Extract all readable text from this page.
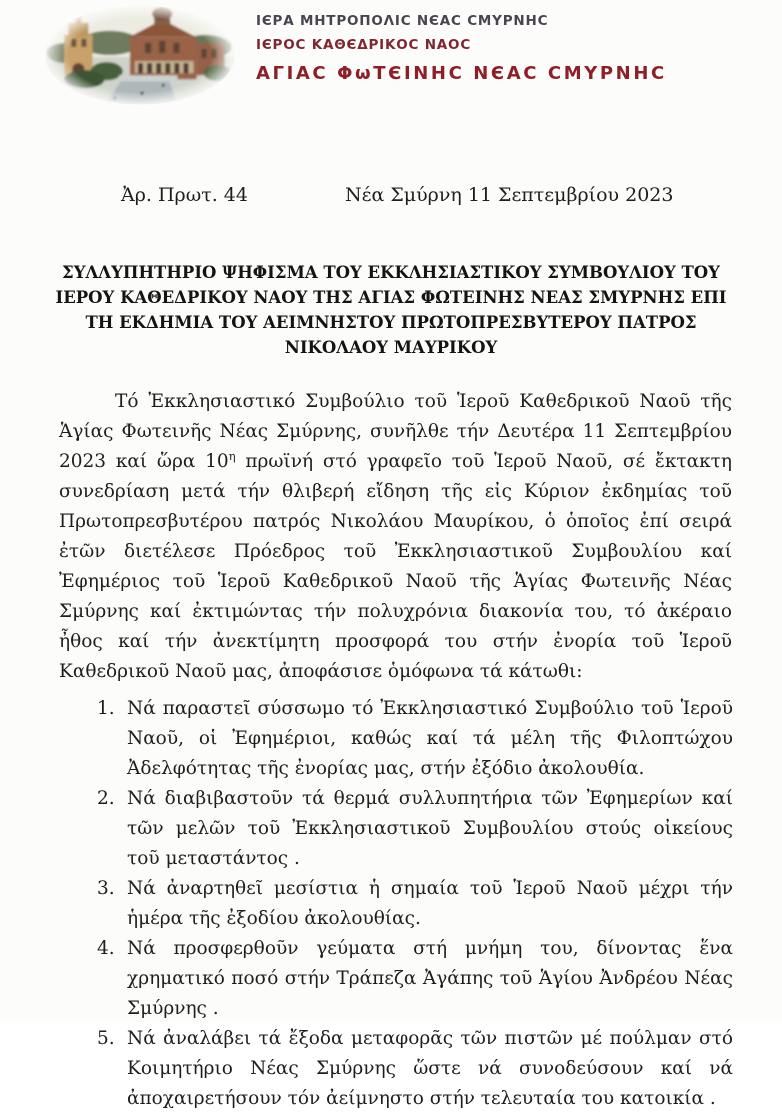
ΙЄΡΑ ΜΗΤΡΟΠΟΛΙϹ ΝЄΑϹ ϹΜΥΡΝΗϹ
ΙЄΡΟϹ ΚΑΘЄΔΡΙΚΟϹ ΝΑΟϹ
ΑΓΙΑϹ ΦωΤЄΙΝΗϹ ΝЄΑϹ ϹΜΥΡΝΗϹ
Ἀρ. Πρωτ. 44	Νέα Σμύρνη 11 Σεπτεμβρίου 2023
ΣΥΛΛΥΠΗΤΗΡΙΟ ΨΗΦΙΣΜΑ ΤΟΥ ΕΚΚΛΗΣΙΑΣΤΙΚΟΥ ΣΥΜΒΟΥΛΙΟΥ ΤΟΥ ΙΕΡΟΥ ΚΑΘΕΔΡΙΚΟΥ ΝΑΟΥ ΤΗΣ ΑΓΙΑΣ ΦΩΤΕΙΝΗΣ ΝΕΑΣ ΣΜΥΡΝΗΣ ΕΠΙ ΤΗ ΕΚΔΗΜΙΑ ΤΟΥ ΑΕΙΜΝΗΣΤΟΥ ΠΡΩΤΟΠΡΕΣΒΥΤΕΡΟΥ ΠΑΤΡΟΣ ΝΙΚΟΛΑΟΥ ΜΑΥΡΙΚΟΥ

Τό Ἐκκλησιαστικό Συμβούλιο τοῦ Ἱεροῦ Καθεδρικοῦ Ναοῦ τῆς Ἁγίας Φωτεινῆς Νέας Σμύρνης, συνῆλθε τήν Δευτέρα 11 Σεπτεμβρίου 2023 καί ὥρα $10^\eta$ πρωϊνή στό γραφεῖο τοῦ Ἱεροῦ Ναοῦ, σέ ἔκτακτη συνεδρίαση μετά τήν θλιβερή εἴδηση τῆς εἰς Κύριον ἐκδημίας τοῦ Πρωτοπρεσβυτέρου πατρός Νικολάου Μαυρίκου, ὁ ὁποῖος ἐπί σειρά ἐτῶν διετέλεσε Πρόεδρος τοῦ Ἐκκλησιαστικοῦ Συμβουλίου καί Ἐφημέριος τοῦ Ἱεροῦ Καθεδρικοῦ Ναοῦ τῆς Ἁγίας Φωτεινῆς Νέας Σμύρνης καί ἐκτιμώντας τήν πολυχρόνια διακονία του, τό ἀκέραιο ἦθος καί τήν ἀνεκτίμητη προσφορά του στήν ἐνορία τοῦ Ἱεροῦ Καθεδρικοῦ Ναοῦ μας, ἀποφάσισε ὁμόφωνα τά κάτωθι:

1. Νά παραστεῖ σύσσωμο τό Ἐκκλησιαστικό Συμβούλιο τοῦ Ἱεροῦ Ναοῦ, οἱ Ἐφημέριοι, καθώς καί τά μέλη τῆς Φιλοπτώχου Ἀδελφότητας τῆς ἐνορίας μας, στήν ἐξόδιο ἀκολουθία.
2. Νά διαβιβαστοῦν τά θερμά συλλυπητήρια τῶν Ἐφημερίων καί τῶν μελῶν τοῦ Ἐκκλησιαστικοῦ Συμβουλίου στούς οἰκείους τοῦ μεταστάντος .
3. Νά ἀναρτηθεῖ μεσίστια ἡ σημαία τοῦ Ἱεροῦ Ναοῦ μέχρι τήν ἡμέρα τῆς ἐξοδίου ἀκολουθίας.
4. Νά προσφερθοῦν γεύματα στή μνήμη του, δίνοντας ἕνα χρηματικό ποσό στήν Τράπεζα Ἀγάπης τοῦ Ἁγίου Ἀνδρέου Νέας Σμύρνης .
5. Νά ἀναλάβει τά ἔξοδα μεταφορᾶς τῶν πιστῶν μέ πούλμαν στό Κοιμητήριο Νέας Σμύρνης ὥστε νά συνοδεύσουν καί νά ἀποχαιρετήσουν τόν ἀείμνηστο στήν τελευταία του κατοικία .
